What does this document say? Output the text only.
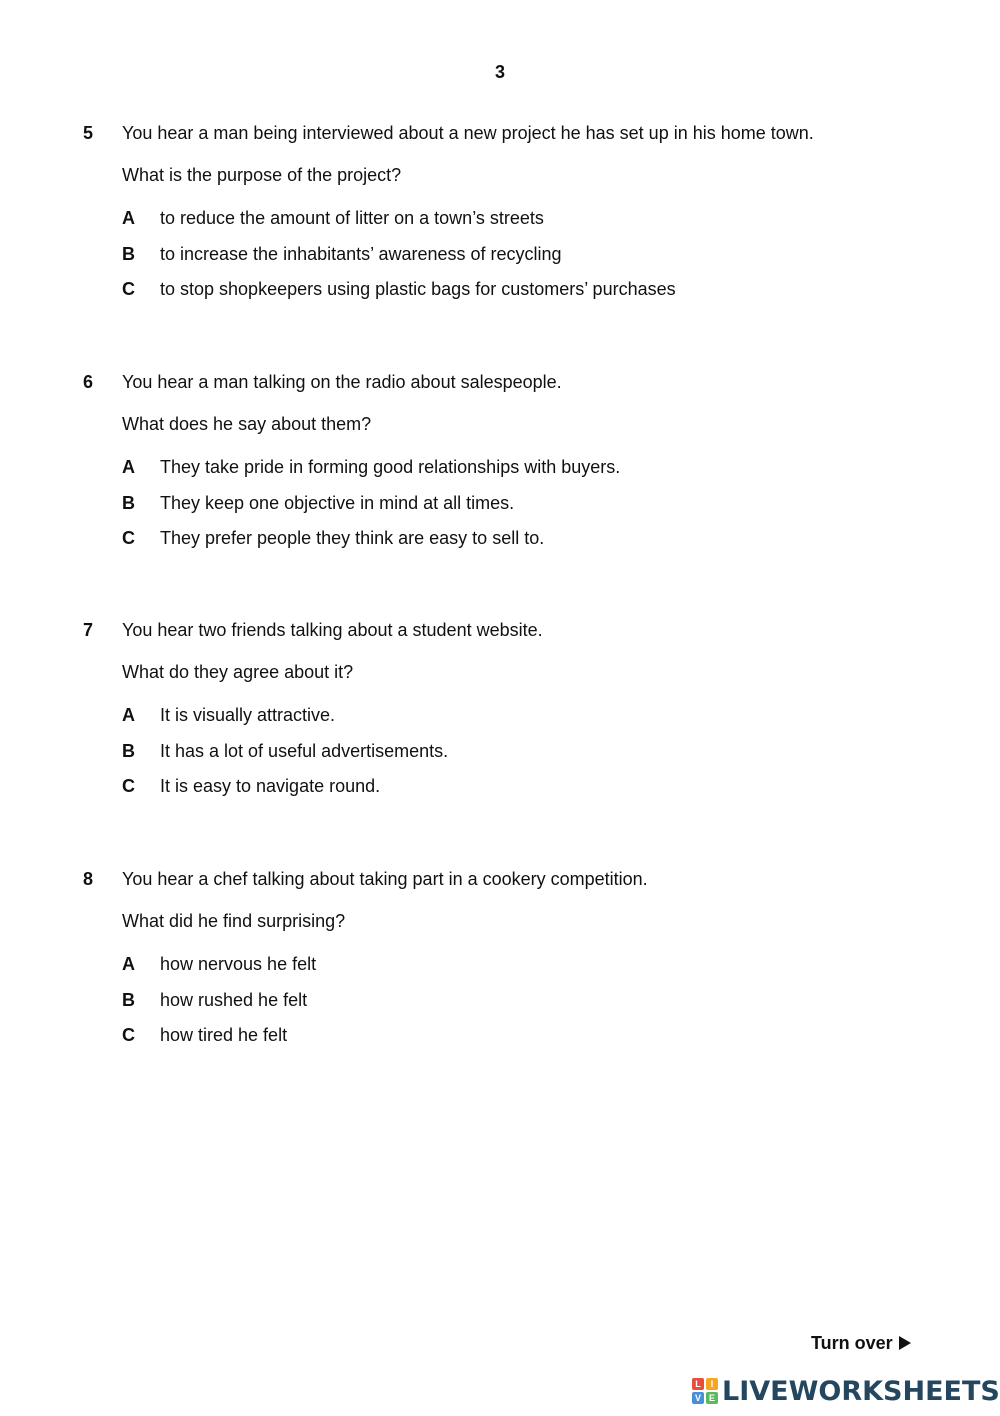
3
5 You hear a man being interviewed about a new project he has set up in his home town.
What is the purpose of the project?
A to reduce the amount of litter on a town’s streets
B to increase the inhabitants’ awareness of recycling
C to stop shopkeepers using plastic bags for customers’ purchases
6 You hear a man talking on the radio about salespeople.
What does he say about them?
A They take pride in forming good relationships with buyers.
B They keep one objective in mind at all times.
C They prefer people they think are easy to sell to.
7 You hear two friends talking about a student website.
What do they agree about it?
A It is visually attractive.
B It has a lot of useful advertisements.
C It is easy to navigate round.
8 You hear a chef talking about taking part in a cookery competition.
What did he find surprising?
A how nervous he felt
B how rushed he felt
C how tired he felt
Turn over
L	I
V E LIVEWORKSHEETS
